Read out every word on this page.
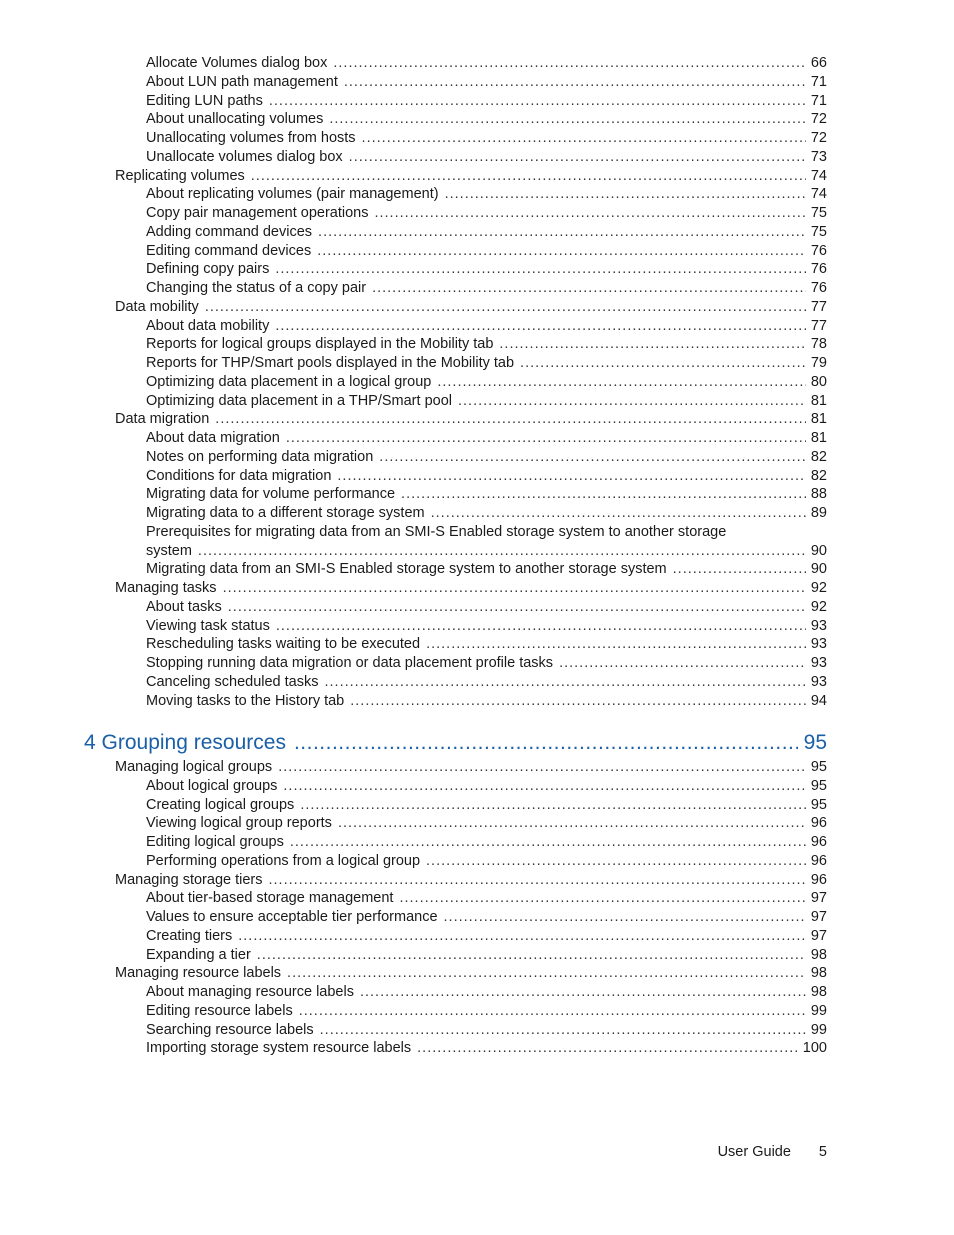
Allocate Volumes dialog box .....	66
About LUN path management .....	71
Editing LUN paths .....	71
About unallocating volumes .....	72
Unallocating volumes from hosts .....	72
Unallocate volumes dialog box .....	73
Replicating volumes .....	74
About replicating volumes (pair management) .....	74
Copy pair management operations .....	75
Adding command devices .....	75
Editing command devices .....	76
Defining copy pairs .....	76
Changing the status of a copy pair .....	76
Data mobility .....	77
About data mobility .....	77
Reports for logical groups displayed in the Mobility tab .....	78
Reports for THP/Smart pools displayed in the Mobility tab .....	79
Optimizing data placement in a logical group .....	80
Optimizing data placement in a THP/Smart pool .....	81
Data migration .....	81
About data migration .....	81
Notes on performing data migration .....	82
Conditions for data migration .....	82
Migrating data for volume performance .....	88
Migrating data to a different storage system .....	89
Prerequisites for migrating data from an SMI-S Enabled storage system to another storage
system .....	90
Migrating data from an SMI-S Enabled storage system to another storage system .....	90
Managing tasks .....	92
About tasks .....	92
Viewing task status .....	93
Rescheduling tasks waiting to be executed .....	93
Stopping running data migration or data placement profile tasks .....	93
Canceling scheduled tasks .....	93
Moving tasks to the History tab .....	94
4 Grouping resources .....	95
Managing logical groups .....	95
About logical groups .....	95
Creating logical groups .....	95
Viewing logical group reports .....	96
Editing logical groups .....	96
Performing operations from a logical group .....	96
Managing storage tiers .....	96
About tier-based storage management .....	97
Values to ensure acceptable tier performance .....	97
Creating tiers .....	97
Expanding a tier .....	98
Managing resource labels .....	98
About managing resource labels .....	98
Editing resource labels .....	99
Searching resource labels .....	99
Importing storage system resource labels .....	100
User Guide 5
